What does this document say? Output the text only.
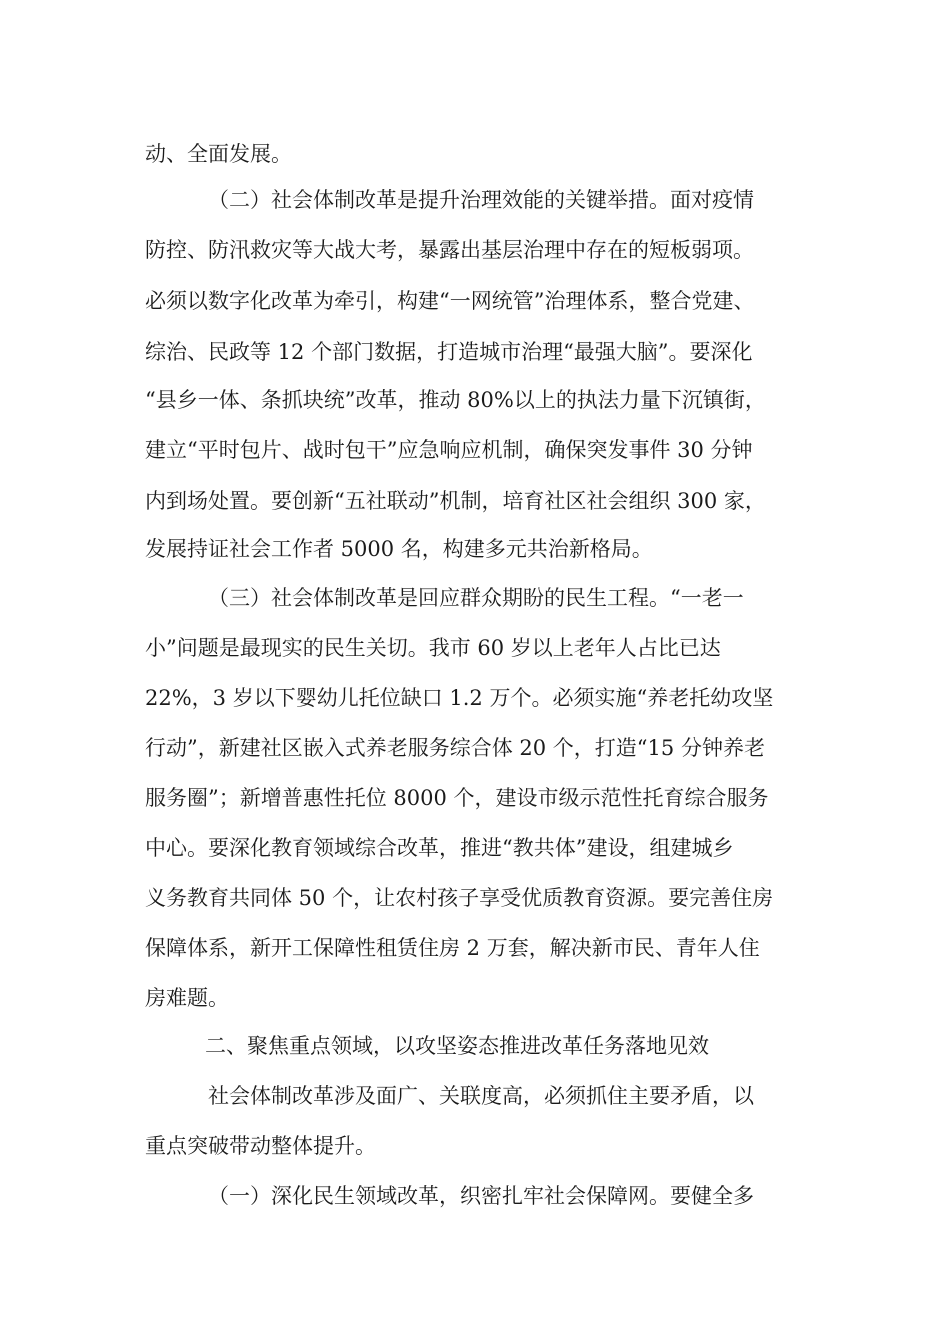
动、全面发展。
（二）社会体制改革是提升治理效能的关键举措。面对疫情
防控、防汛救灾等大战大考，暴露出基层治理中存在的短板弱项。
必须以数字化改革为牵引，构建“一网统管”治理体系，整合党建、
综治、民政等 12 个部门数据，打造城市治理“最强大脑”。要深化
“县乡一体、条抓块统”改革，推动 80%以上的执法力量下沉镇街，
建立“平时包片、战时包干”应急响应机制，确保突发事件 30 分钟
内到场处置。要创新“五社联动”机制，培育社区社会组织 300 家，
发展持证社会工作者 5000 名，构建多元共治新格局。
（三）社会体制改革是回应群众期盼的民生工程。“一老一
小”问题是最现实的民生关切。我市 60 岁以上老年人占比已达
22%，3 岁以下婴幼儿托位缺口 1.2 万个。必须实施“养老托幼攻坚
行动”，新建社区嵌入式养老服务综合体 20 个，打造“15 分钟养老
服务圈”；新增普惠性托位 8000 个，建设市级示范性托育综合服务
中心。要深化教育领域综合改革，推进“教共体”建设，组建城乡
义务教育共同体 50 个，让农村孩子享受优质教育资源。要完善住房
保障体系，新开工保障性租赁住房 2 万套，解决新市民、青年人住
房难题。
二、聚焦重点领域，以攻坚姿态推进改革任务落地见效
社会体制改革涉及面广、关联度高，必须抓住主要矛盾，以
重点突破带动整体提升。
（一）深化民生领域改革，织密扎牢社会保障网。要健全多
